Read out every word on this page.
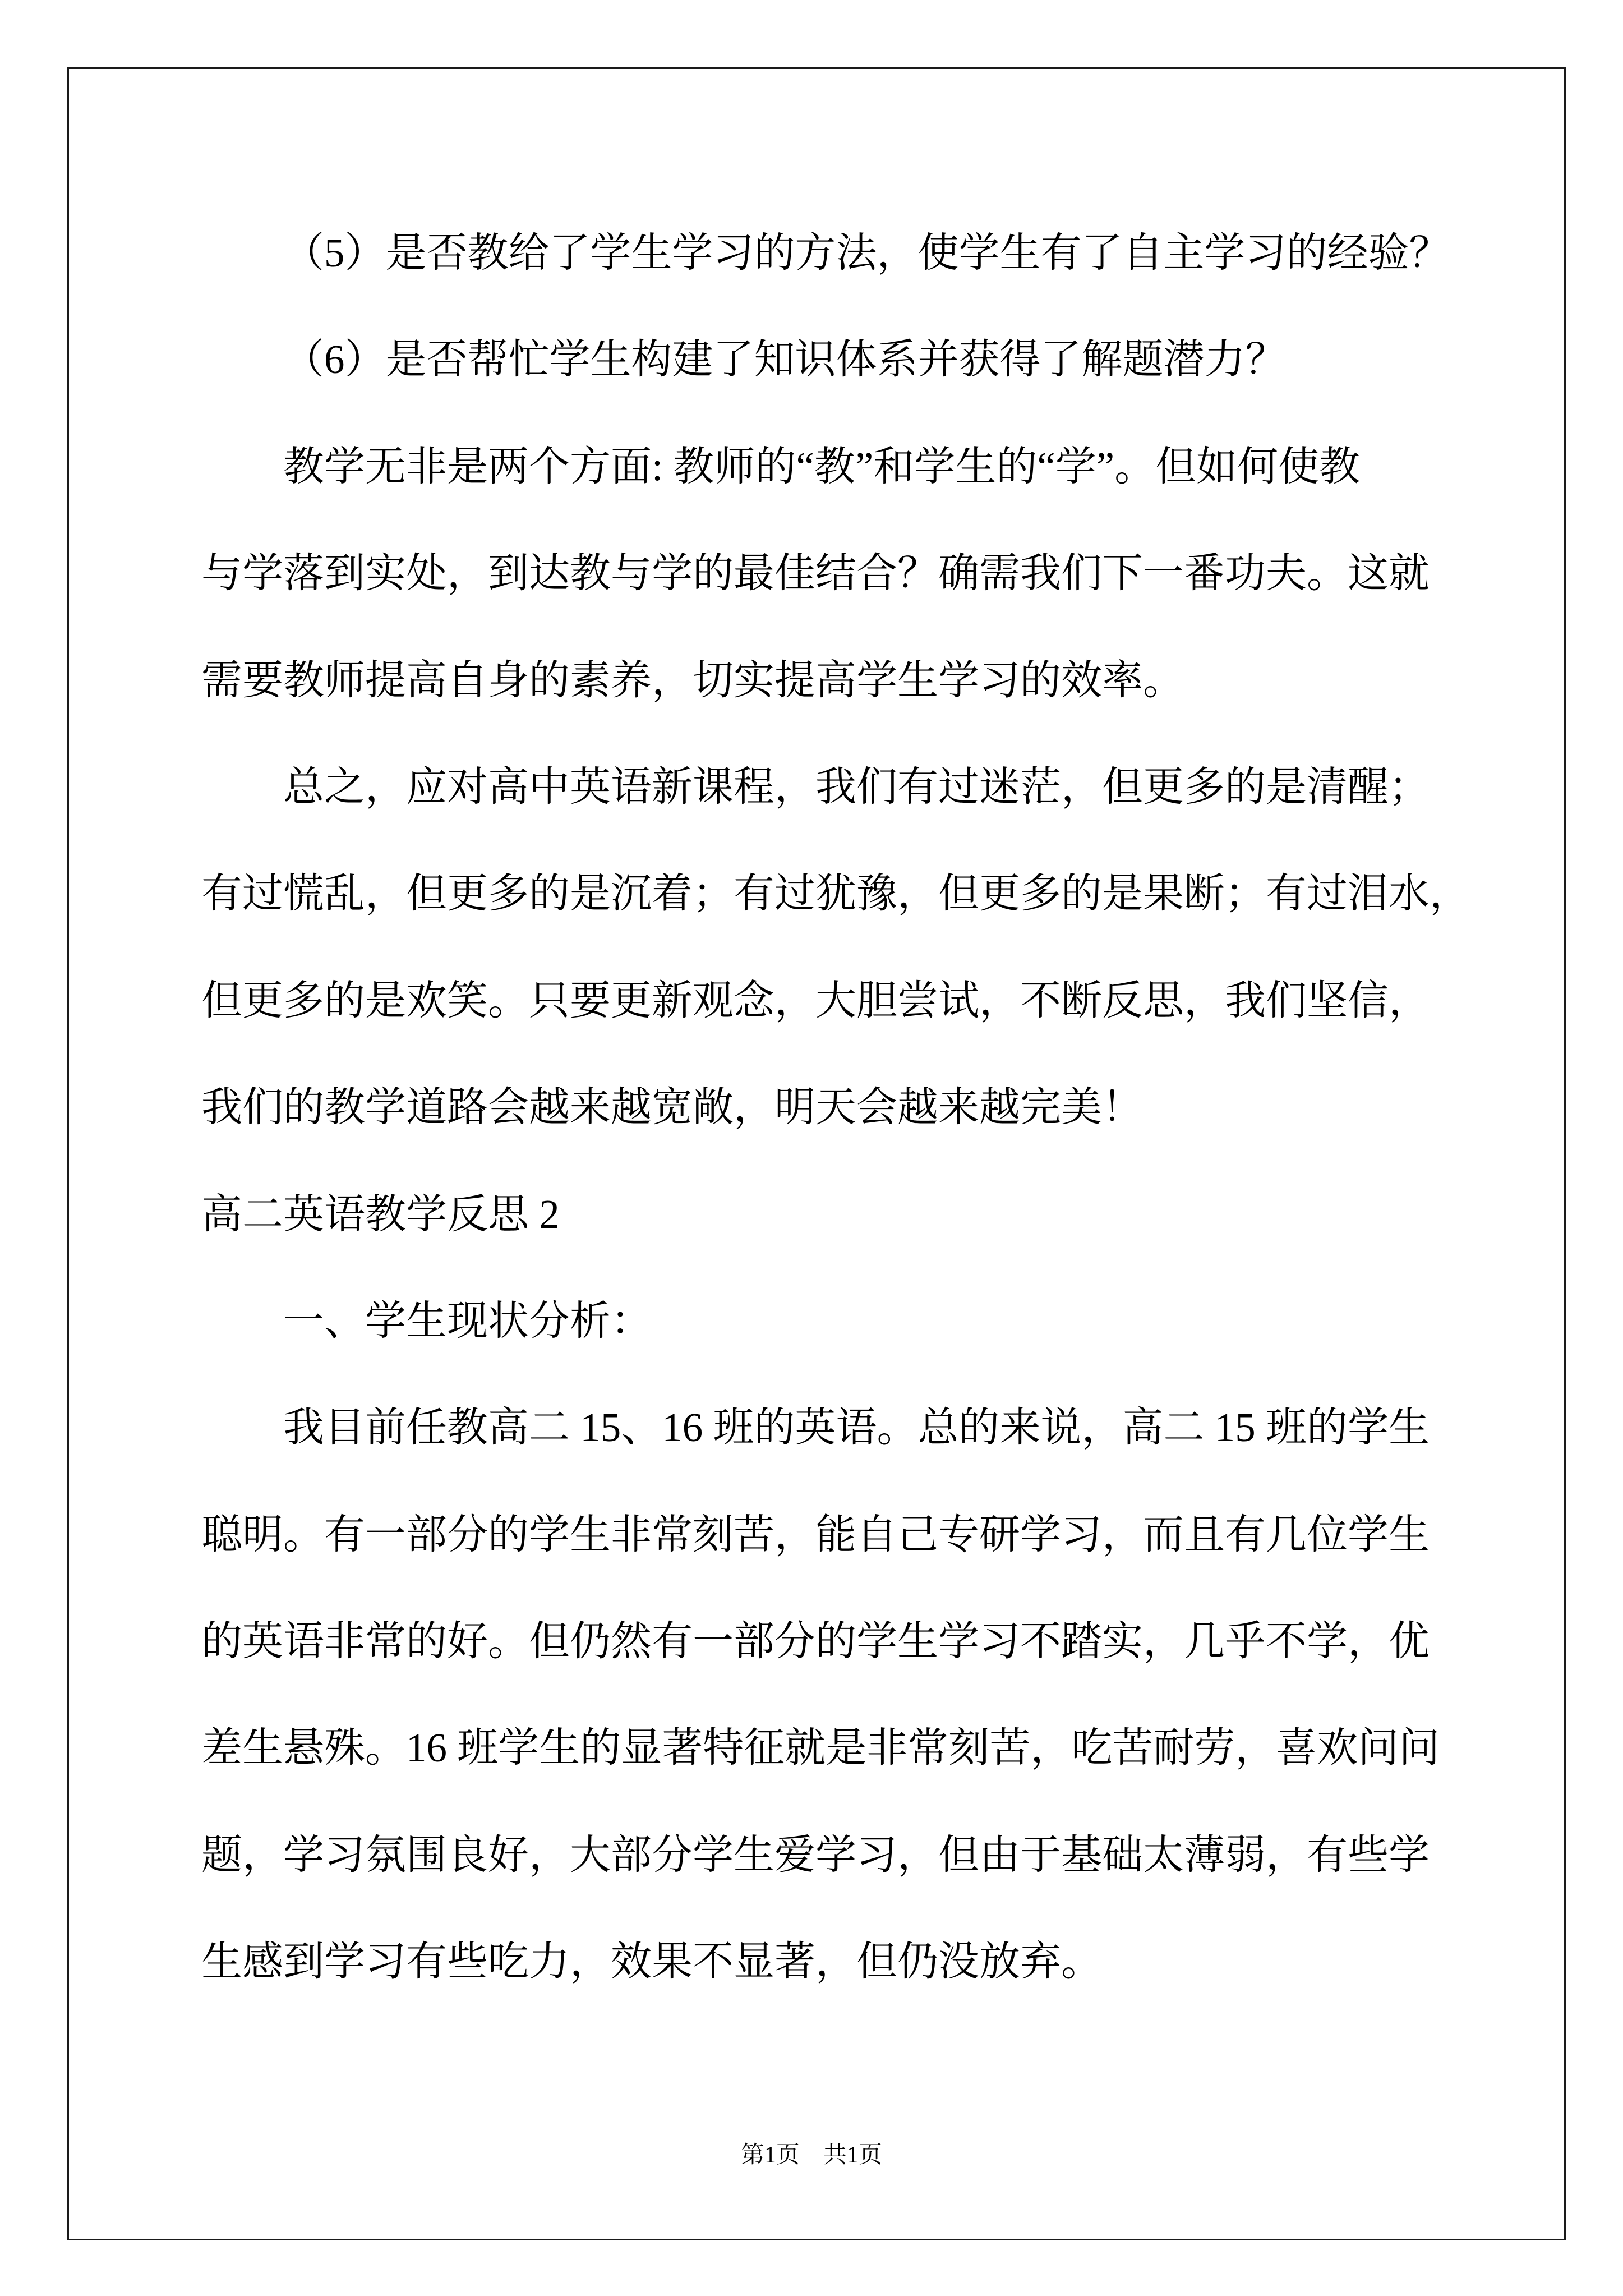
（5）是否教给了学生学习的方法，使学生有了自主学习的经验？
（6）是否帮忙学生构建了知识体系并获得了解题潜力？
教学无非是两个方面: 教师的“教”和学生的“学”。但如何使教
与学落到实处，到达教与学的最佳结合？确需我们下一番功夫。这就
需要教师提高自身的素养，切实提高学生学习的效率。
总之，应对高中英语新课程，我们有过迷茫，但更多的是清醒；
有过慌乱，但更多的是沉着；有过犹豫，但更多的是果断；有过泪水，
但更多的是欢笑。只要更新观念，大胆尝试，不断反思，我们坚信，
我们的教学道路会越来越宽敞，明天会越来越完美！
高二英语教学反思 2
一、学生现状分析：
我目前任教高二 15、16 班的英语。总的来说，高二 15 班的学生
聪明。有一部分的学生非常刻苦，能自己专研学习，而且有几位学生
的英语非常的好。但仍然有一部分的学生学习不踏实，几乎不学，优
差生悬殊。16 班学生的显著特征就是非常刻苦，吃苦耐劳，喜欢问问
题，学习氛围良好，大部分学生爱学习，但由于基础太薄弱，有些学
生感到学习有些吃力，效果不显著，但仍没放弃。
第1页 共1页
